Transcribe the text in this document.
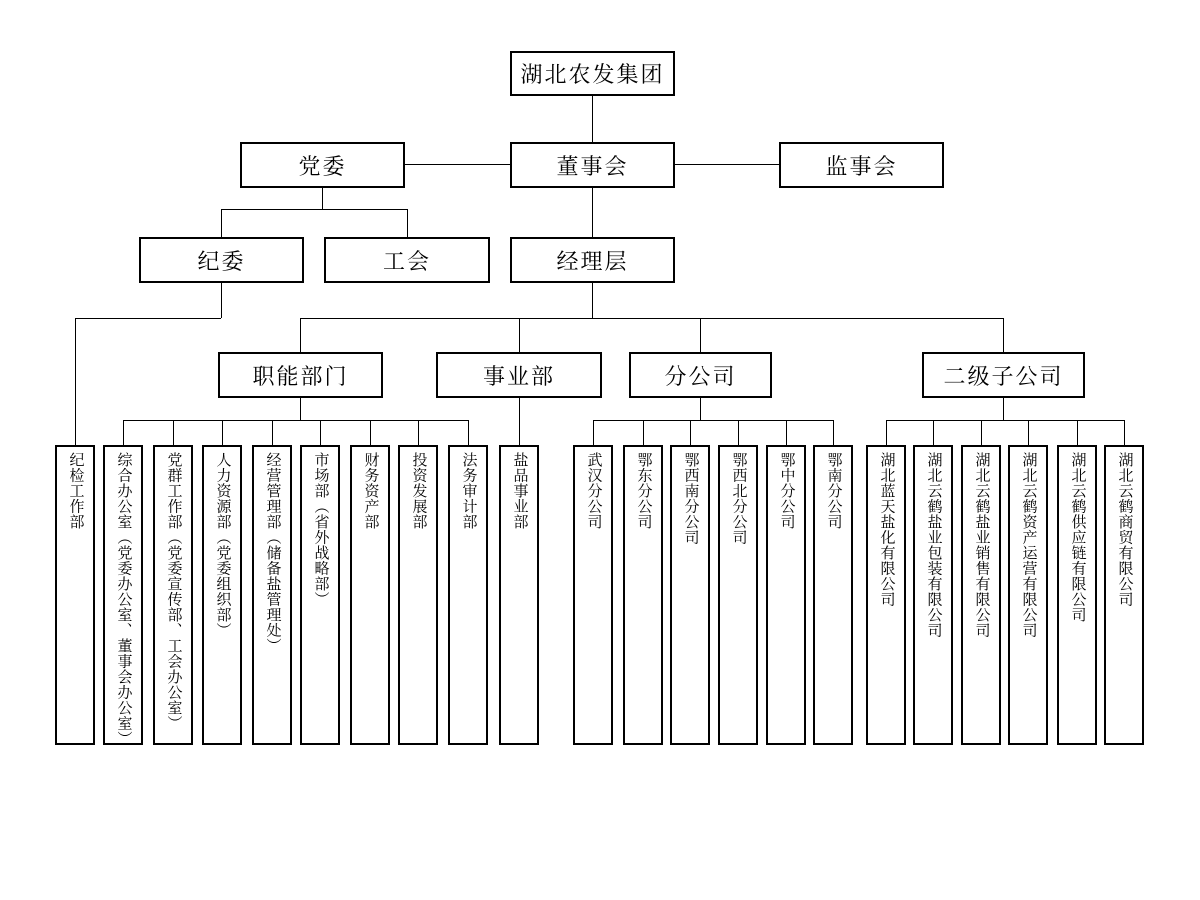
湖北农发集团
党委	董事会	监事会
纪委	工会	经理层
职能部门	事业部	分公司	二级子公司
纪检工作部 综合办公室（党委办公室、董事会办公室） 党群工作部（党委宣传部、工会办公室） 人力资源部（党委组织部） 经营管理部（储备盐管理处） 市场部（省外战略部） 财务资产部 投资发展部 法务审计部 盐品事业部	武汉分公司 鄂东分公司 鄂西南分公司 鄂西北分公司 鄂中分公司 鄂南分公司 湖北蓝天盐化有限公司 湖北云鹤盐业包装有限公司 湖北云鹤盐业销售有限公司 湖北云鹤资产运营有限公司 湖北云鹤供应链有限公司 湖北云鹤商贸有限公司
